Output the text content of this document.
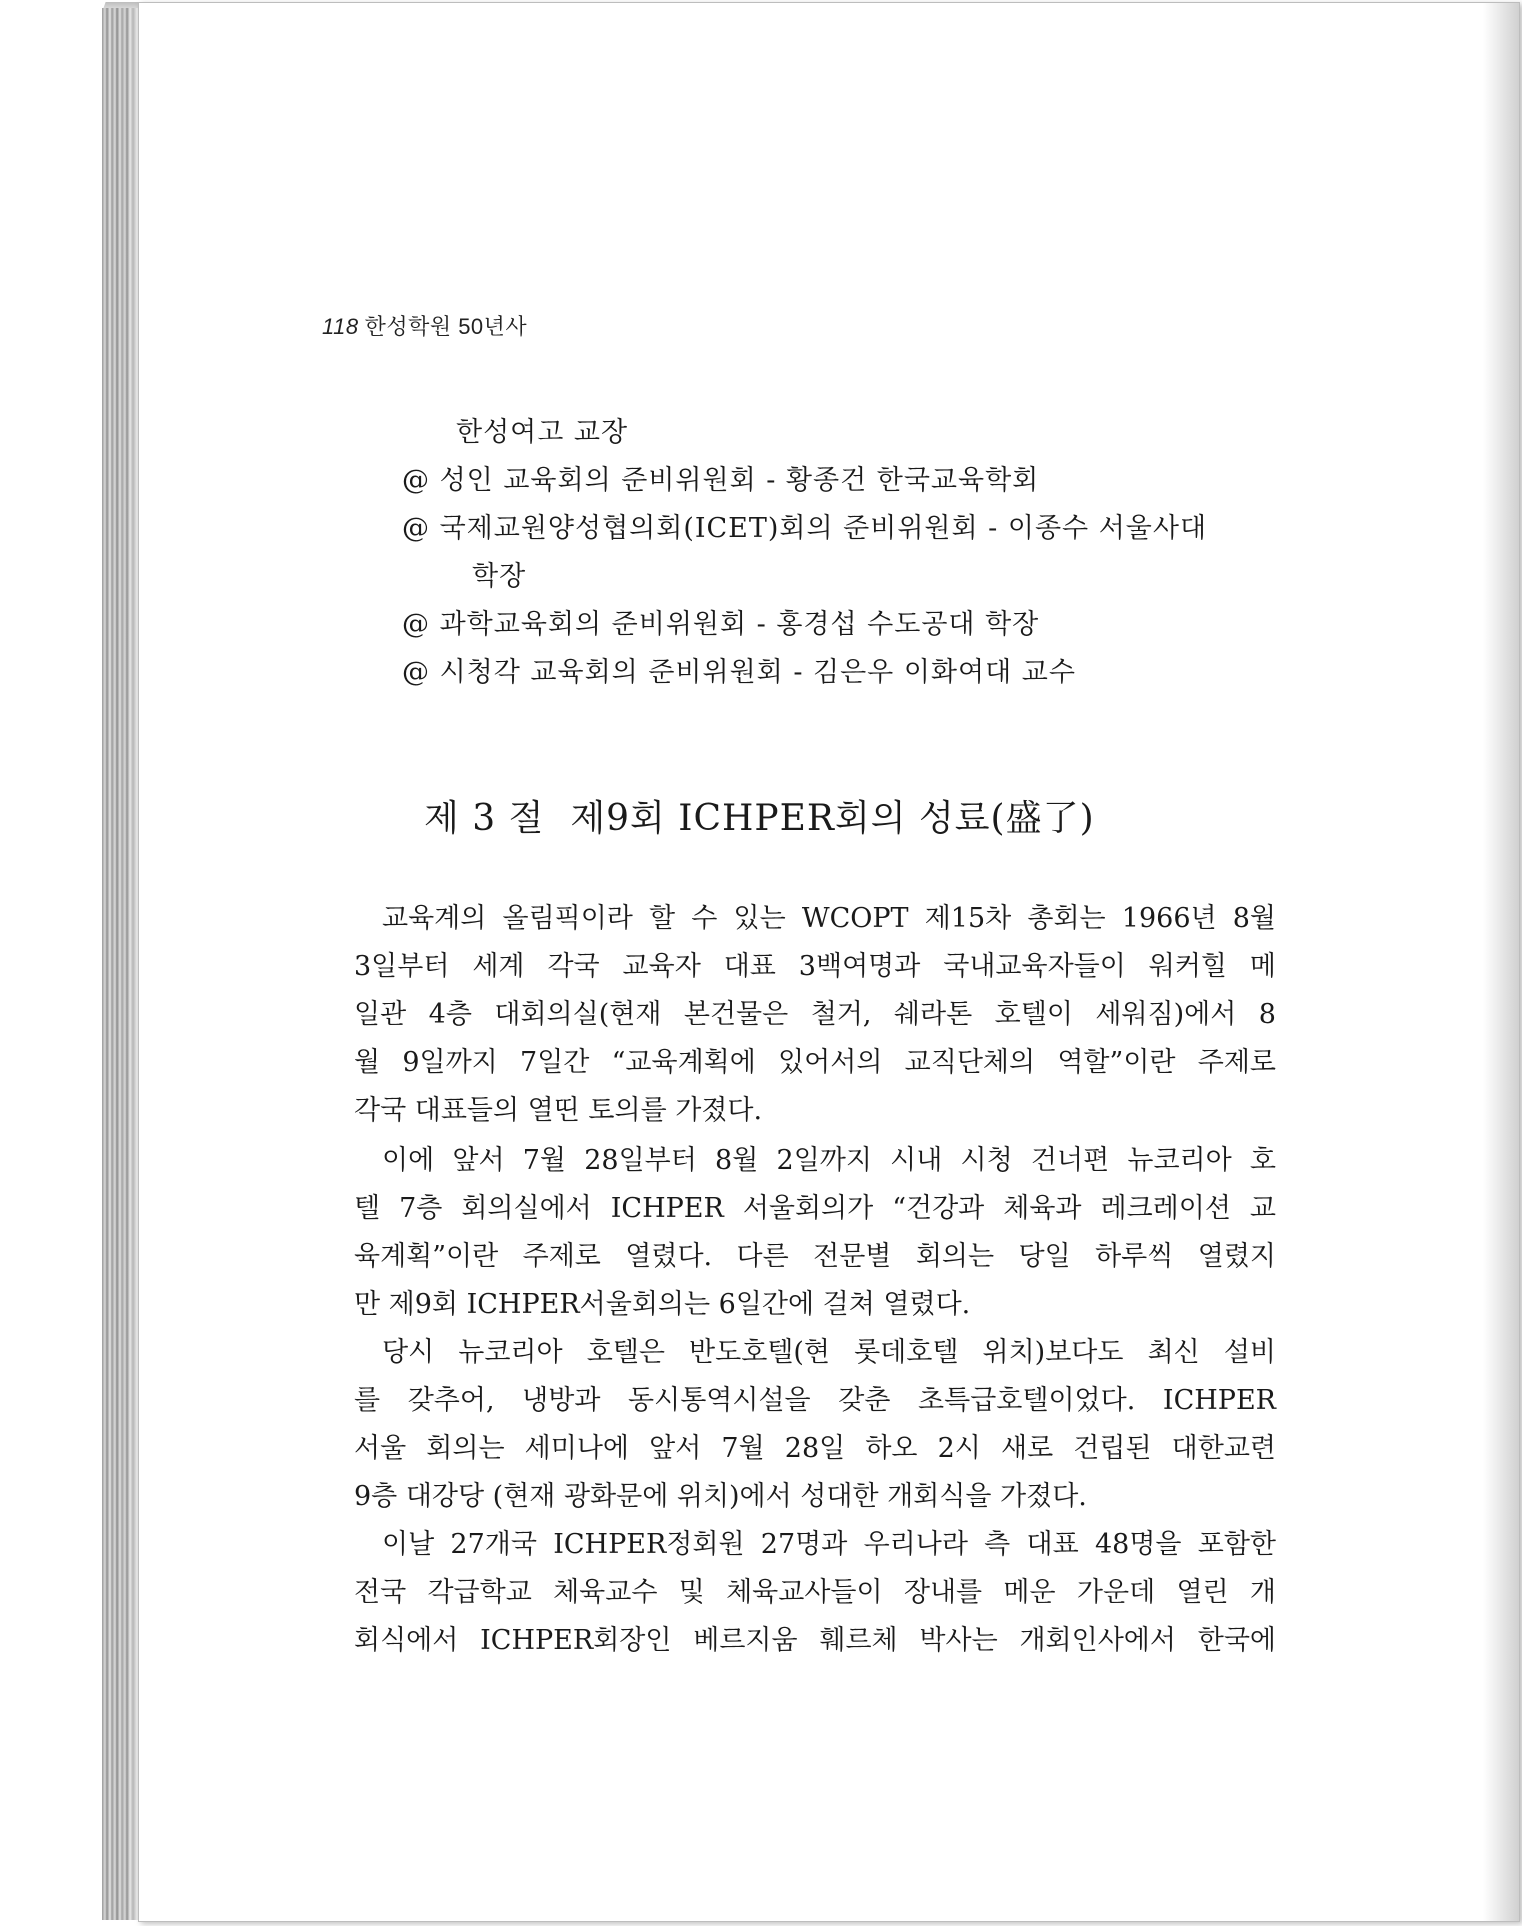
118 한성학원 50년사
한성여고 교장
@ 성인 교육회의 준비위원회 - 황종건 한국교육학회
@ 국제교원양성협의회(ICET)회의 준비위원회 - 이종수 서울사대
학장
@ 과학교육회의 준비위원회 - 홍경섭 수도공대 학장
@ 시청각 교육회의 준비위원회 - 김은우 이화여대 교수
제 3 절 제9회 ICHPER회의 성료(盛了)
교육계의 올림픽이라 할 수 있는 WCOPT 제15차 총회는 1966년 8월
3일부터 세계 각국 교육자 대표 3백여명과 국내교육자들이 워커힐 메
일관 4층 대회의실(현재 본건물은 철거, 쉐라톤 호텔이 세워짐)에서 8
월 9일까지 7일간 “교육계획에 있어서의 교직단체의 역할”이란 주제로
각국 대표들의 열띤 토의를 가졌다.
이에 앞서 7월 28일부터 8월 2일까지 시내 시청 건너편 뉴코리아 호
텔 7층 회의실에서 ICHPER 서울회의가 “건강과 체육과 레크레이션 교
육계획”이란 주제로 열렸다. 다른 전문별 회의는 당일 하루씩 열렸지
만 제9회 ICHPER서울회의는 6일간에 걸쳐 열렸다.
당시 뉴코리아 호텔은 반도호텔(현 롯데호텔 위치)보다도 최신 설비
를 갖추어, 냉방과 동시통역시설을 갖춘 초특급호텔이었다. ICHPER
서울 회의는 세미나에 앞서 7월 28일 하오 2시 새로 건립된 대한교련
9층 대강당 (현재 광화문에 위치)에서 성대한 개회식을 가졌다.
이날 27개국 ICHPER정회원 27명과 우리나라 측 대표 48명을 포함한
전국 각급학교 체육교수 및 체육교사들이 장내를 메운 가운데 열린 개
회식에서 ICHPER회장인 베르지움 훼르체 박사는 개회인사에서 한국에
